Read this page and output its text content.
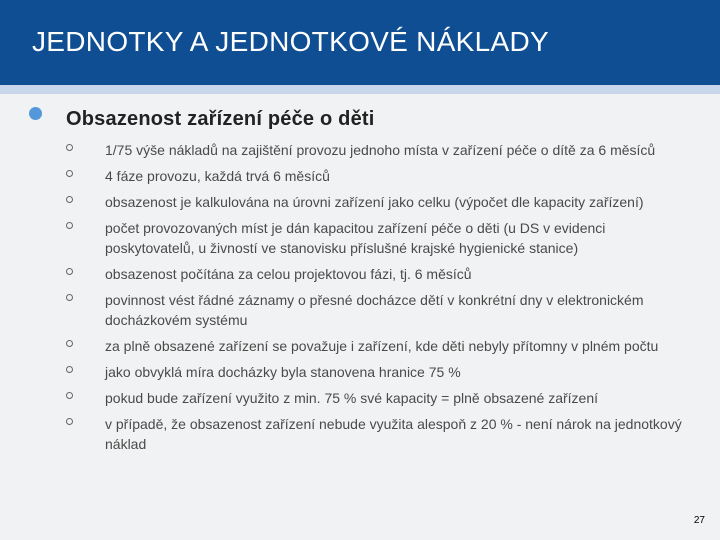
JEDNOTKY A JEDNOTKOVÉ NÁKLADY
Obsazenost zařízení péče o děti
1/75 výše nákladů na zajištění provozu jednoho místa v zařízení péče o dítě za 6 měsíců
4 fáze provozu, každá trvá 6 měsíců
obsazenost je kalkulována na úrovni zařízení jako celku (výpočet dle kapacity zařízení)
počet provozovaných míst je dán kapacitou zařízení péče o děti (u DS v evidenci poskytovatelů, u živností ve stanovisku příslušné krajské hygienické stanice)
obsazenost počítána za celou projektovou fázi, tj. 6 měsíců
povinnost vést řádné záznamy o přesné docházce dětí v konkrétní dny v elektronickém docházkovém systému
za plně obsazené zařízení se považuje i zařízení, kde děti nebyly přítomny v plném počtu
jako obvyklá míra docházky byla stanovena hranice 75 %
pokud bude zařízení využito z min. 75 % své kapacity = plně obsazené zařízení
v případě, že obsazenost zařízení nebude využita alespoň z 20 % - není nárok na jednotkový náklad
27
